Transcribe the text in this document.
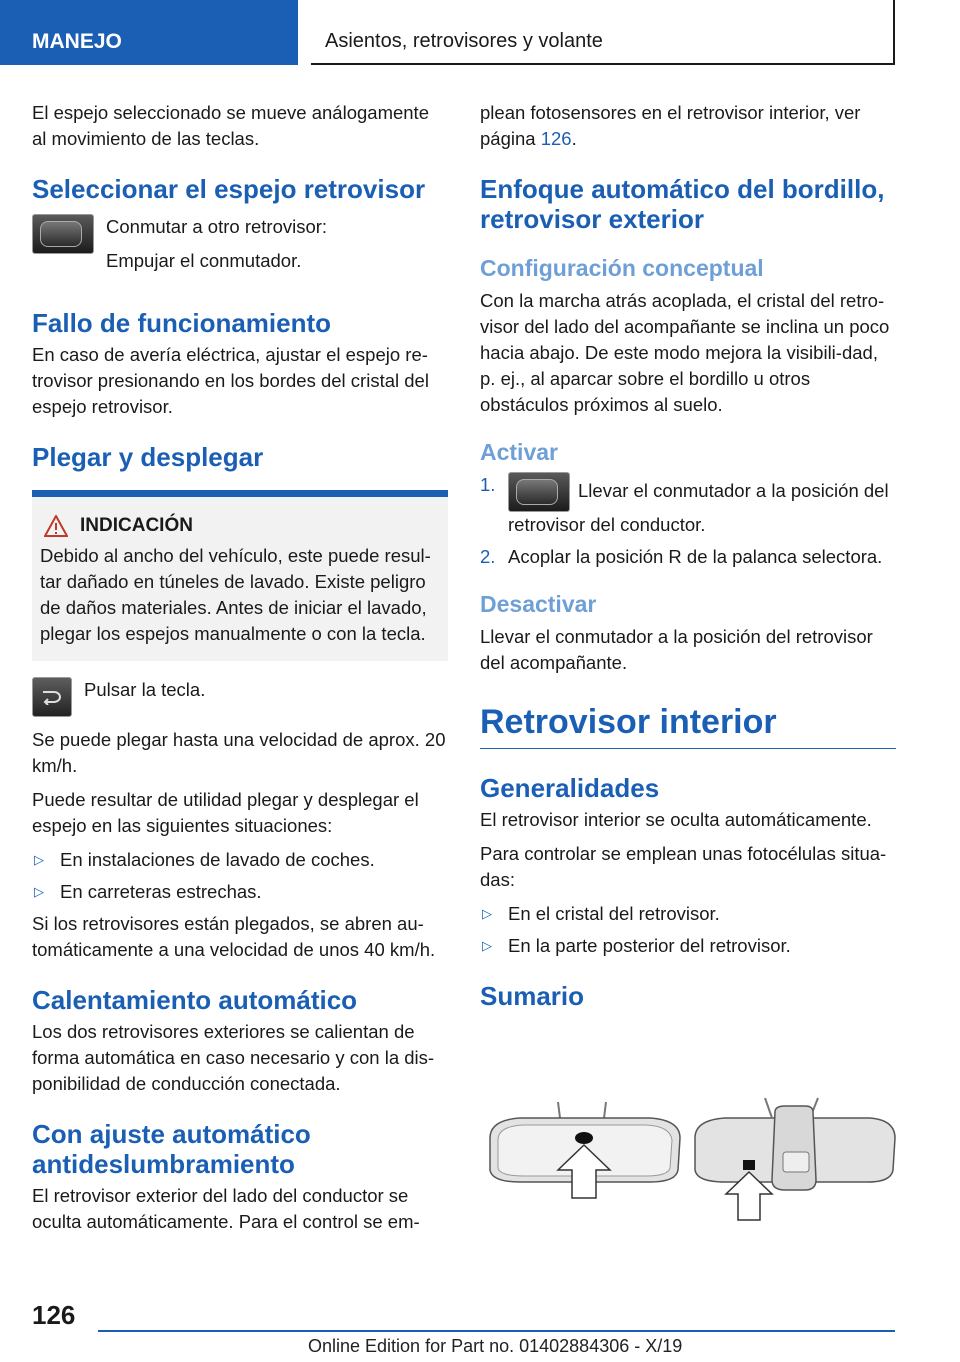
MANEJO	Asientos, retrovisores y volante

El espejo seleccionado se mueve análogamente al movimiento de las teclas.

Seleccionar el espejo retrovisor

Conmutar a otro retrovisor:

Empujar el conmutador.

Fallo de funcionamiento

En caso de avería eléctrica, ajustar el espejo re-trovisor presionando en los bordes del cristal del espejo retrovisor.

Plegar y desplegar
INDICACIÓN

Debido al ancho del vehículo, este puede resul-tar dañado en túneles de lavado. Existe peligro de daños materiales. Antes de iniciar el lavado, plegar los espejos manualmente o con la tecla.

Pulsar la tecla.

Se puede plegar hasta una velocidad de aprox. 20 km/h.

Puede resultar de utilidad plegar y desplegar el espejo en las siguientes situaciones:

▷ En instalaciones de lavado de coches.
▷ En carreteras estrechas.

Si los retrovisores están plegados, se abren au-tomáticamente a una velocidad de unos 40 km/h.

Calentamiento automático

Los dos retrovisores exteriores se calientan de forma automática en caso necesario y con la dis-ponibilidad de conducción conectada.

Con ajuste automático antideslumbramiento

El retrovisor exterior del lado del conductor se oculta automáticamente. Para el control se em-

plean fotosensores en el retrovisor interior, ver página 126.

Enfoque automático del bordillo, retrovisor exterior
Configuración conceptual

Con la marcha atrás acoplada, el cristal del retro-visor del lado del acompañante se inclina un poco hacia abajo. De este modo mejora la visibili-dad, p. ej., al aparcar sobre el bordillo u otros obstáculos próximos al suelo.

Activar
1.	Llevar el conmutador a la posición del retrovisor del conductor.
2. Acoplar la posición R de la palanca selectora.
Desactivar

Llevar el conmutador a la posición del retrovisor del acompañante.

Retrovisor interior
Generalidades

El retrovisor interior se oculta automáticamente.

Para controlar se emplean unas fotocélulas situa-das:

▷ En el cristal del retrovisor.
▷ En la parte posterior del retrovisor.
Sumario
126
Online Edition for Part no. 01402884306 - X/19
